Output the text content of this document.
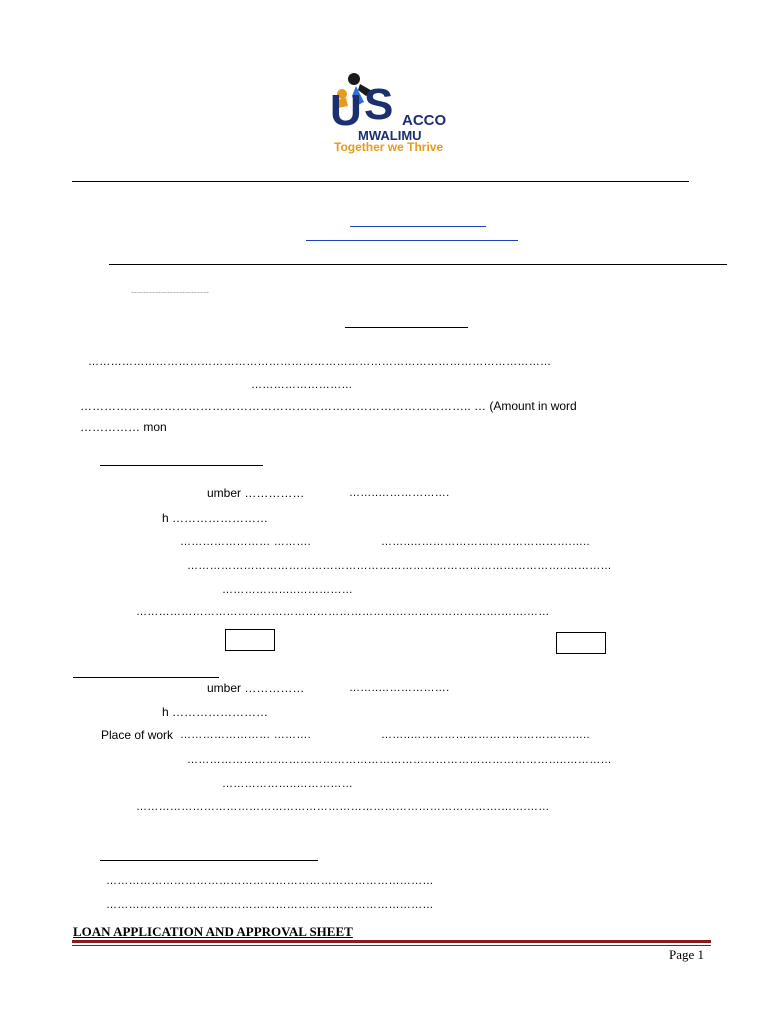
U S ACCO
MWALIMU
Together we Thrive
…………………………………
……………………………………………………………………………………………………………
………………………
…………………………………………………………………………………….. … (Amount in word
…………… mon
umber ……………	……..……………….
h ……………………
…………………… ……….	……..…………………………………….…..
………………………………………………………………………………………..…………
………………..……………
…………………………………………………………………………………….…….……
umber ……………	……..……………….
h ……………………
Place of work …………………… ……….	……..…………………………………….…..
………………………………………………………………………………………..…………
………………..……………
…………………………………………………………………………………….…….……
……………………………………………………………………………
……………………………………………………………………………
LOAN APPLICATION AND APPROVAL SHEET
Page 1
